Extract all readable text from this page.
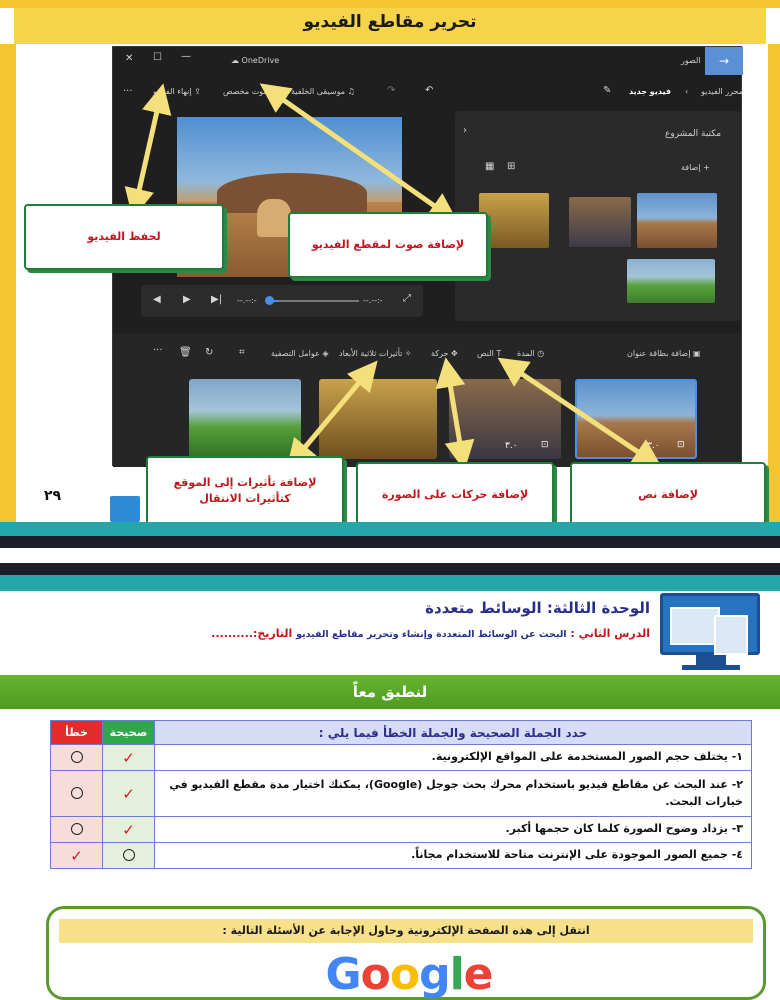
تحرير مقاطع الفيديو
✕ ☐ —	OneDrive ☁	→
الصور
محرر الفيديو
›
فيديو جديد
✎
↶
↷
♫ موسيقى الخلفية
🎧 صوت مخصص
⇪ إنهاء الفيديو
...
◀ ▶ ▶| -:--.--	-:--.-- ⤢
›	مكتبة المشروع
▦ ⊞	+ إضافة
▣ إضافة بطاقة عنوان
◷ المدة
T النص
✥ حركة
✧ تأثيرات ثلاثية الأبعاد
◈ عوامل التصفية
⌗
↻
🗑
···
٣.٠	⊡	٣.٠ ⊡
لحفظ الفيديو
لإضافة صوت لمقطع الفيديو
لإضافة تأثيرات إلى الموقع كتأثيرات الانتقال	لإضافة حركات على الصورة	لإضافة نص
٢٩
الوحدة الثالثة: الوسائط متعددة
الدرس الثاني : البحث عن الوسائط المتعددة وإنشاء وتحرير مقاطع الفيديو التاريخ:..........
لنطبق معاً
حدد الجملة الصحيحة والجملة الخطأ فيما يلي :	صحيحة	خطأ
١- يختلف حجم الصور المستخدمة على المواقع الإلكترونية.	✓	
٢- عند البحث عن مقاطع فيديو باستخدام محرك بحث جوجل (Google)، يمكنك اختيار مدة مقطع الفيديو في خيارات البحث.	✓	
٣- يزداد وضوح الصورة كلما كان حجمها أكبر.	✓	
٤- جميع الصور الموجودة على الإنترنت متاحة للاستخدام مجاناً.		✓
انتقل إلى هذه الصفحة الإلكترونية وحاول الإجابة عن الأسئلة التالية :
Google
